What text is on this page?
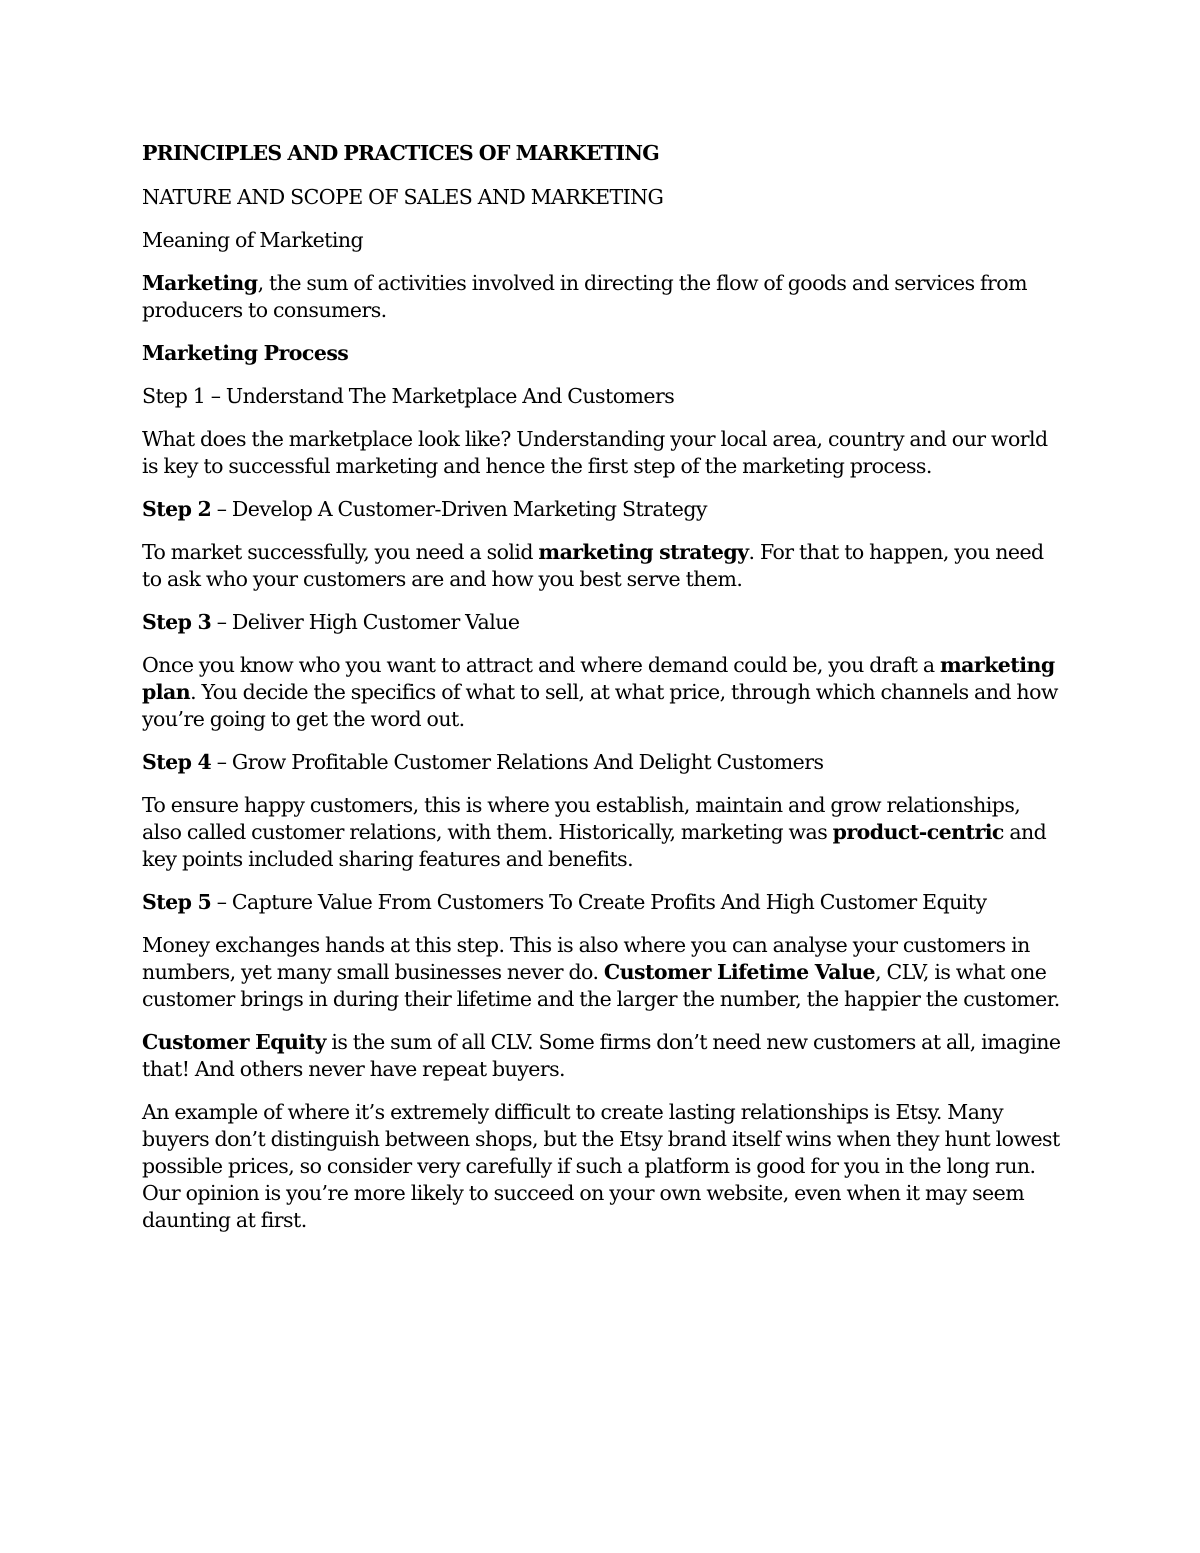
PRINCIPLES AND PRACTICES OF MARKETING

NATURE AND SCOPE OF SALES AND MARKETING

Meaning of Marketing

Marketing, the sum of activities involved in directing the flow of goods and services from producers to consumers.

Marketing Process

Step 1 – Understand The Marketplace And Customers

What does the marketplace look like? Understanding your local area, country and our world is key to successful marketing and hence the first step of the marketing process.

Step 2 – Develop A Customer-Driven Marketing Strategy

To market successfully, you need a solid marketing strategy. For that to happen, you need to ask who your customers are and how you best serve them.

Step 3 – Deliver High Customer Value

Once you know who you want to attract and where demand could be, you draft a marketing plan. You decide the specifics of what to sell, at what price, through which channels and how you’re going to get the word out.

Step 4 – Grow Profitable Customer Relations And Delight Customers

To ensure happy customers, this is where you establish, maintain and grow relationships, also called customer relations, with them. Historically, marketing was product-centric and key points included sharing features and benefits.

Step 5 – Capture Value From Customers To Create Profits And High Customer Equity

Money exchanges hands at this step. This is also where you can analyse your customers in numbers, yet many small businesses never do. Customer Lifetime Value, CLV, is what one customer brings in during their lifetime and the larger the number, the happier the customer.

Customer Equity is the sum of all CLV. Some firms don’t need new customers at all, imagine that! And others never have repeat buyers.

An example of where it’s extremely difficult to create lasting relationships is Etsy. Many buyers don’t distinguish between shops, but the Etsy brand itself wins when they hunt lowest possible prices, so consider very carefully if such a platform is good for you in the long run. Our opinion is you’re more likely to succeed on your own website, even when it may seem daunting at first.
